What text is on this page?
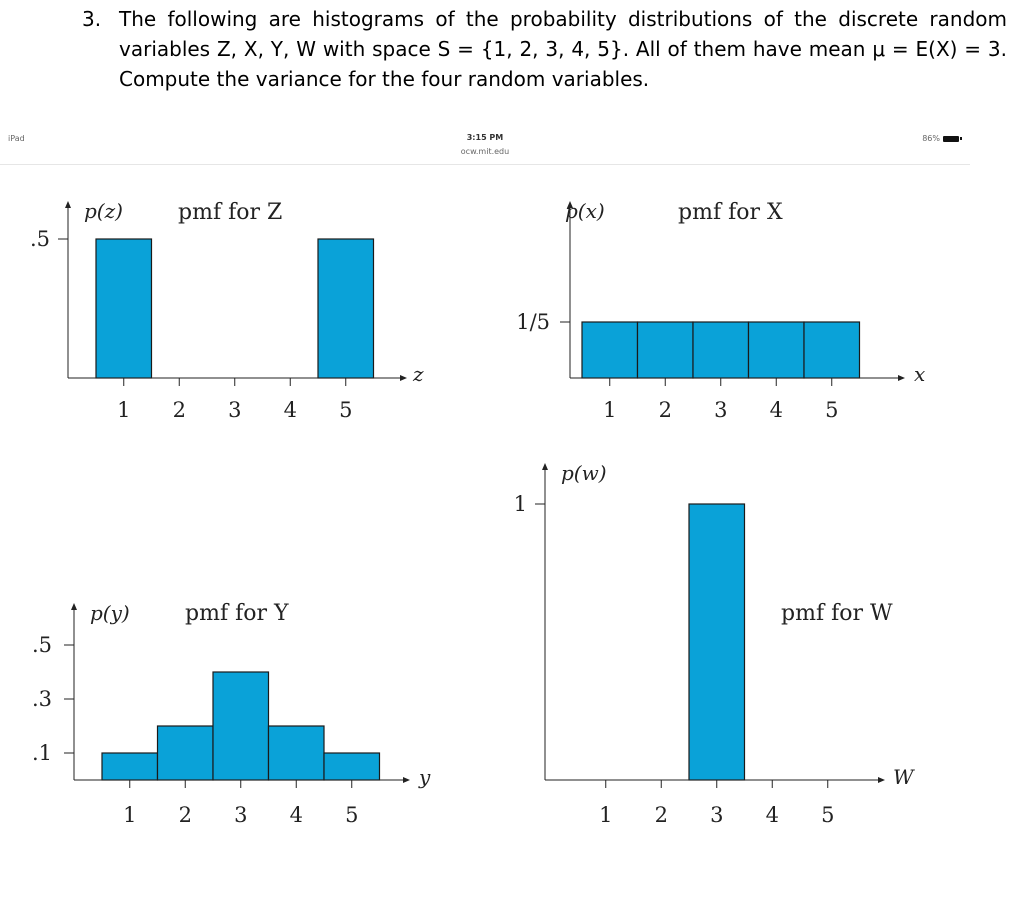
3. The following are histograms of the probability distributions of the discrete random variables Z, X, Y, W with space S = {1, 2, 3, 4, 5}. All of them have mean μ = E(X) = 3. Compute the variance for the four random variables.
iPad	3:15 PM
ocw.mit.edu
86%
1 2 3 4 5
.5
p(z)
z
pmf for Z
1 2 3 4 5
1/5
p(x)
x
pmf for X
1 2 3 4 5
.5
.3
.1
p(y)
y
pmf for Y
1 2 3 4 5
1
p(w)
W
pmf for W
